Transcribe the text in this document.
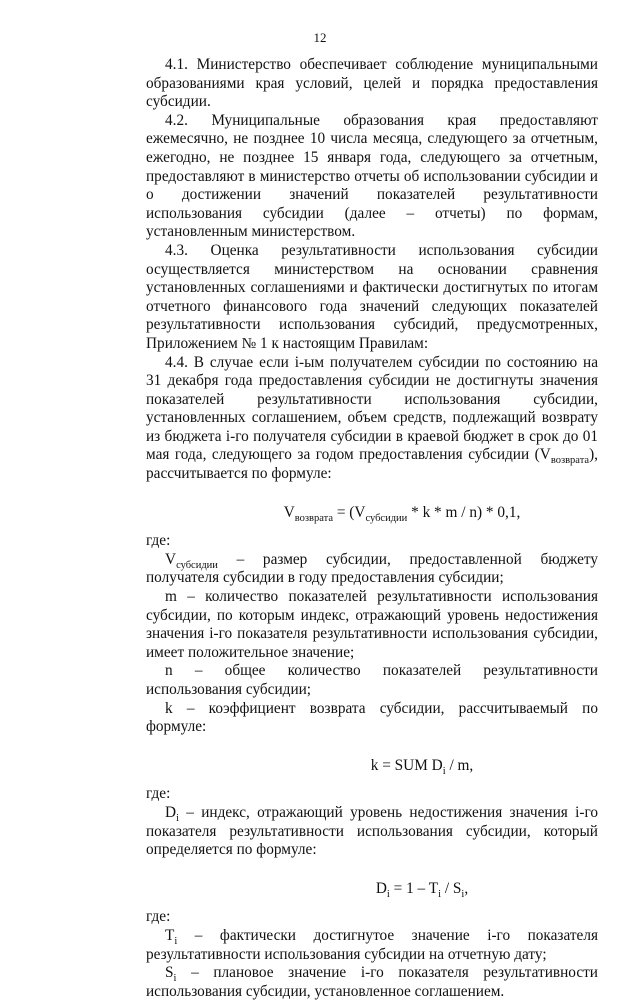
12

4.1. Министерство обеспечивает соблюдение муниципальными образованиями края условий, целей и порядка предоставления субсидии.

4.2. Муниципальные образования края предоставляют ежемесячно, не позднее 10 числа месяца, следующего за отчетным, ежегодно, не позднее 15 января года, следующего за отчетным, предоставляют в министерство отчеты об использовании субсидии и о достижении значений показателей результативности использования субсидии (далее – отчеты) по формам, установленным министерством.

4.3. Оценка результативности использования субсидии осуществляется министерством на основании сравнения установленных соглашениями и фактически достигнутых по итогам отчетного финансового года значений следующих показателей результативности использования субсидий, предусмотренных, Приложением № 1 к настоящим Правилам:

4.4. В случае если i-ым получателем субсидии по состоянию на 31 декабря года предоставления субсидии не достигнуты значения показателей результативности использования субсидии, установленных соглашением, объем средств, подлежащий возврату из бюджета i-го получателя субсидии в краевой бюджет в срок до 01 мая года, следующего за годом предоставления субсидии $(V_{возврата})$, рассчитывается по формуле:

$V_{возврата} = (V_{субсидии} * k * m / n) * 0,1$,

где:

$V_{субсидии}$ – размер субсидии, предоставленной бюджету получателя субсидии в году предоставления субсидии;

m – количество показателей результативности использования субсидии, по которым индекс, отражающий уровень недостижения значения i-го показателя результативности использования субсидии, имеет положительное значение;

n – общее количество показателей результативности использования субсидии;

k – коэффициент возврата субсидии, рассчитываемый по формуле:

k = SUM $D_i$ / m,

где:

$D_i$ – индекс, отражающий уровень недостижения значения i-го показателя результативности использования субсидии, который определяется по формуле:

$D_i = 1 - T_i / S_i$,

где:

$T_i$ – фактически достигнутое значение i-го показателя результативности использования субсидии на отчетную дату;

$S_i$ – плановое значение i-го показателя результативности использования субсидии, установленное соглашением.
